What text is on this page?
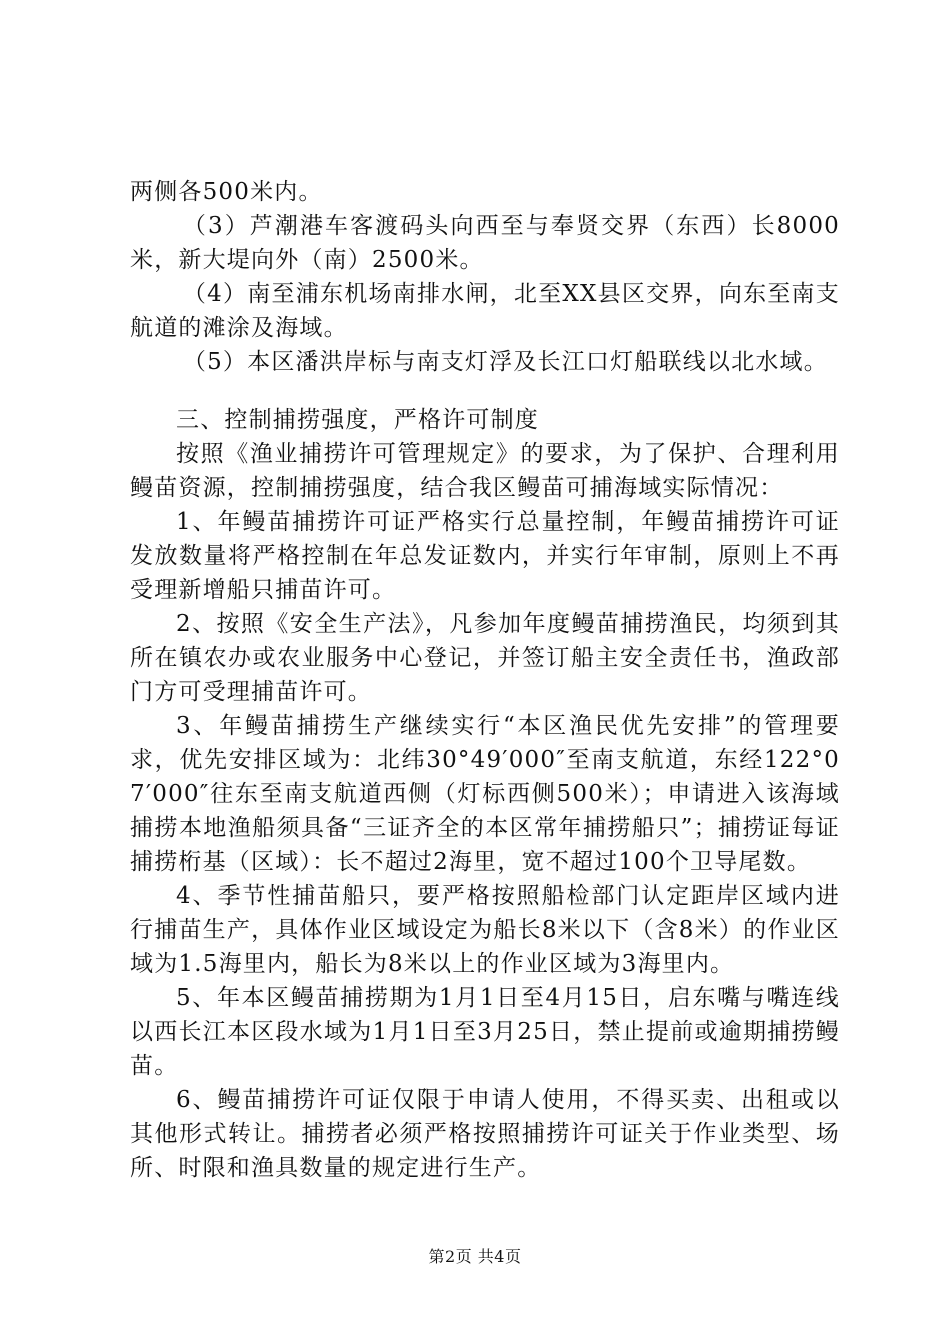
两侧各500米内。

（3）芦潮港车客渡码头向西至与奉贤交界（东西）长8000米，新大堤向外（南）2500米。

（4）南至浦东机场南排水闸，北至XX县区交界，向东至南支航道的滩涂及海域。

（5）本区潘洪岸标与南支灯浮及长江口灯船联线以北水域。

三、控制捕捞强度，严格许可制度

按照《渔业捕捞许可管理规定》的要求，为了保护、合理利用鳗苗资源，控制捕捞强度，结合我区鳗苗可捕海域实际情况：

1、年鳗苗捕捞许可证严格实行总量控制，年鳗苗捕捞许可证发放数量将严格控制在年总发证数内，并实行年审制，原则上不再受理新增船只捕苗许可。

2、按照《安全生产法》，凡参加年度鳗苗捕捞渔民，均须到其所在镇农办或农业服务中心登记，并签订船主安全责任书，渔政部门方可受理捕苗许可。

3、年鳗苗捕捞生产继续实行“本区渔民优先安排”的管理要求，优先安排区域为：北纬30°49′000″至南支航道，东经122°07′000″往东至南支航道西侧（灯标西侧500米）；申请进入该海域捕捞本地渔船须具备“三证齐全的本区常年捕捞船只”；捕捞证每证捕捞桁基（区域）：长不超过2海里，宽不超过100个卫导尾数。

4、季节性捕苗船只，要严格按照船检部门认定距岸区域内进行捕苗生产，具体作业区域设定为船长8米以下（含8米）的作业区域为1.5海里内，船长为8米以上的作业区域为3海里内。

5、年本区鳗苗捕捞期为1月1日至4月15日，启东嘴与嘴连线以西长江本区段水域为1月1日至3月25日，禁止提前或逾期捕捞鳗苗。

6、鳗苗捕捞许可证仅限于申请人使用，不得买卖、出租或以其他形式转让。捕捞者必须严格按照捕捞许可证关于作业类型、场所、时限和渔具数量的规定进行生产。

第2页 共4页
